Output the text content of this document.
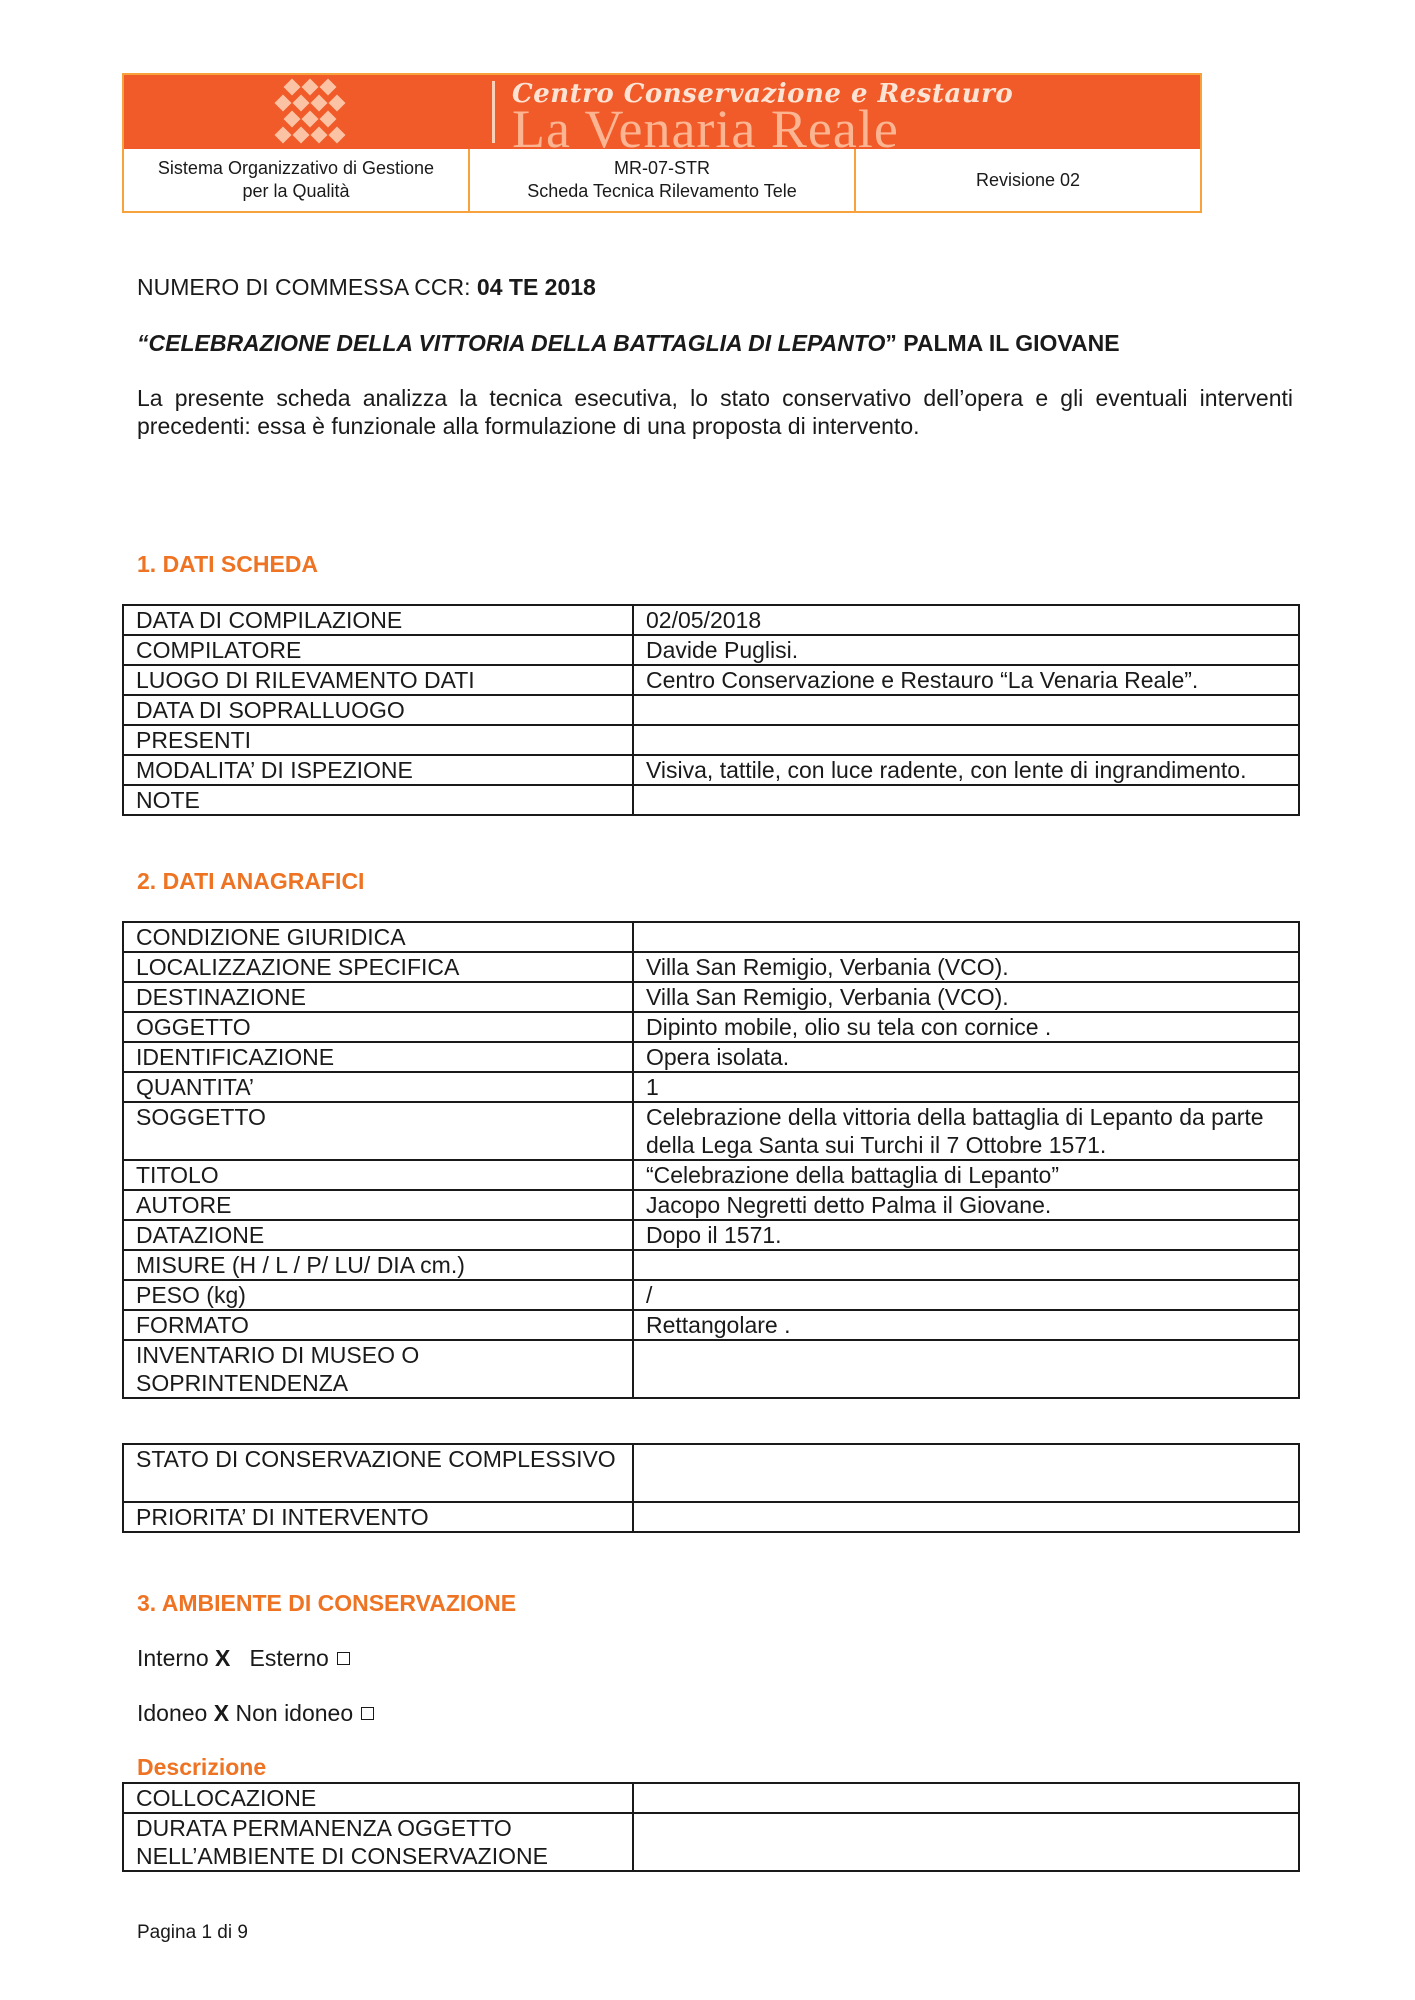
Centro Conservazione e Restauro
La Venaria Reale
Sistema Organizzativo di Gestione
per la Qualità
MR-07-STR
Scheda Tecnica Rilevamento Tele
Revisione 02
NUMERO DI COMMESSA CCR: 04 TE 2018
“CELEBRAZIONE DELLA VITTORIA DELLA BATTAGLIA DI LEPANTO” PALMA IL GIOVANE
La presente scheda analizza la tecnica esecutiva, lo stato conservativo dell’opera e gli eventuali interventi precedenti: essa è funzionale alla formulazione di una proposta di intervento.
1. DATI SCHEDA
DATA DI COMPILAZIONE	02/05/2018
COMPILATORE	Davide Puglisi.
LUOGO DI RILEVAMENTO DATI	Centro Conservazione e Restauro “La Venaria Reale”.
DATA DI SOPRALLUOGO	
PRESENTI	
MODALITA’ DI ISPEZIONE	Visiva, tattile, con luce radente, con lente di ingrandimento.
NOTE	
2. DATI ANAGRAFICI
CONDIZIONE GIURIDICA	
LOCALIZZAZIONE SPECIFICA	Villa San Remigio, Verbania (VCO).
DESTINAZIONE	Villa San Remigio, Verbania (VCO).
OGGETTO	Dipinto mobile, olio su tela con cornice .
IDENTIFICAZIONE	Opera isolata.
QUANTITA’	1
SOGGETTO	Celebrazione della vittoria della battaglia di Lepanto da parte della Lega Santa sui Turchi il 7 Ottobre 1571.
TITOLO	“Celebrazione della battaglia di Lepanto”
AUTORE	Jacopo Negretti detto Palma il Giovane.
DATAZIONE	Dopo il 1571.
MISURE (H / L / P/ LU/ DIA cm.)	
PESO (kg)	/
FORMATO	Rettangolare .
INVENTARIO DI MUSEO O SOPRINTENDENZA	
STATO DI CONSERVAZIONE COMPLESSIVO	
PRIORITA’ DI INTERVENTO	
3. AMBIENTE DI CONSERVAZIONE
Interno X Esterno
Idoneo X Non idoneo
Descrizione
COLLOCAZIONE	
DURATA PERMANENZA OGGETTO NELL’AMBIENTE DI CONSERVAZIONE	
Pagina 1 di 9
